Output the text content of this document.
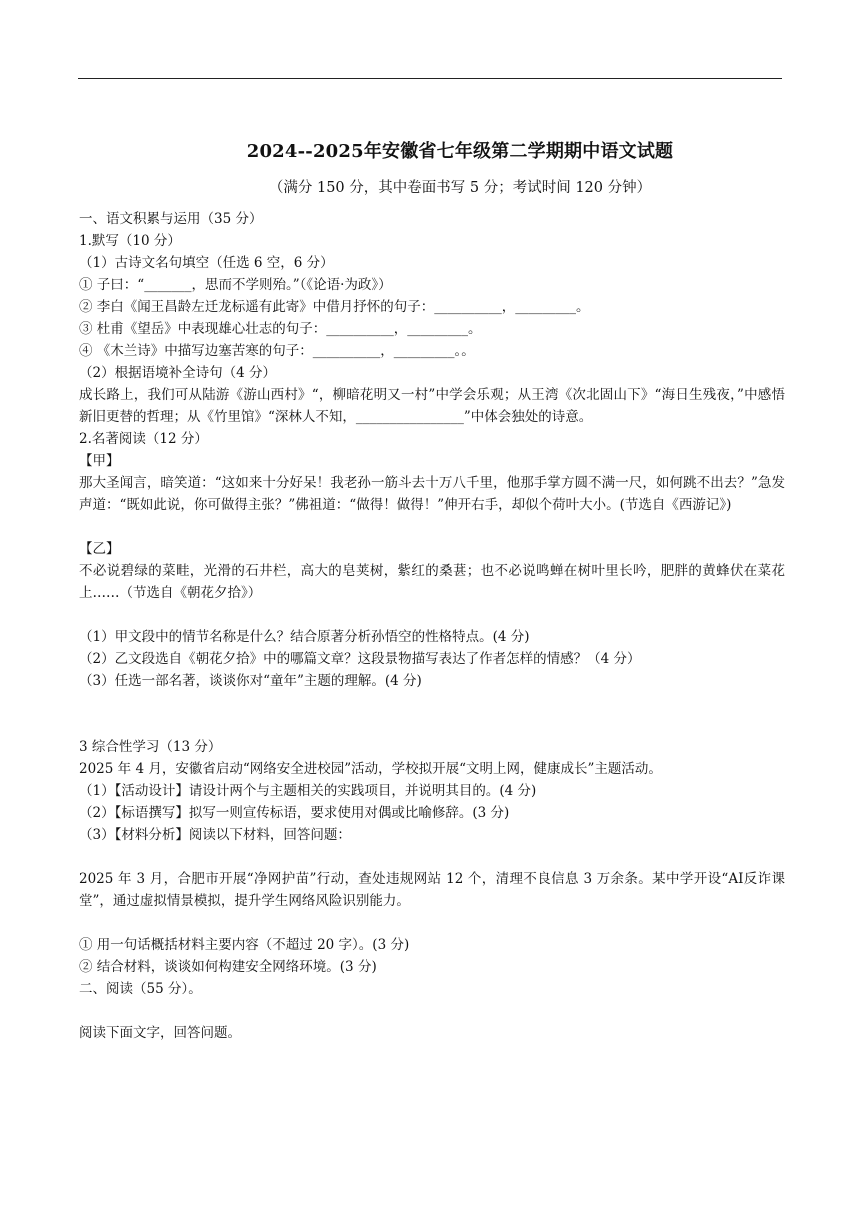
2024--2025年安徽省七年级第二学期期中语文试题
（满分 150 分，其中卷面书写 5 分；考试时间 120 分钟）
一、语文积累与运用（35 分）
1.默写（10 分）
（1）古诗文名句填空（任选 6 空，6 分）
① 子曰：“_______，思而不学则殆。”（《论语·为政》）
② 李白《闻王昌龄左迁龙标遥有此寄》中借月抒怀的句子：__________，_________。
③ 杜甫《望岳》中表现雄心壮志的句子：__________，_________。
④ 《木兰诗》中描写边塞苦寒的句子：__________，_________。。
（2）根据语境补全诗句（4 分）
成长路上，我们可从陆游《游山西村》“，柳暗花明又一村”中学会乐观；从王湾《次北固山下》“海日生残夜，”中感悟新旧更替的哲理；从《竹里馆》“深林人不知，________________”中体会独处的诗意。
2.名著阅读（12 分）
【甲】
那大圣闻言，暗笑道：“这如来十分好呆！我老孙一筋斗去十万八千里，他那手掌方圆不满一尺，如何跳不出去？”急发声道：“既如此说，你可做得主张？”佛祖道：“做得！做得！”伸开右手，却似个荷叶大小。(节选自《西游记》)
【乙】
不必说碧绿的菜畦，光滑的石井栏，高大的皂荚树，紫红的桑葚；也不必说鸣蝉在树叶里长吟，肥胖的黄蜂伏在菜花上……（节选自《朝花夕拾》）
（1）甲文段中的情节名称是什么？结合原著分析孙悟空的性格特点。(4 分)
（2）乙文段选自《朝花夕拾》中的哪篇文章？这段景物描写表达了作者怎样的情感？（4 分）
（3）任选一部名著，谈谈你对“童年”主题的理解。(4 分)
3 综合性学习（13 分）
2025 年 4 月，安徽省启动“网络安全进校园”活动，学校拟开展“文明上网，健康成长”主题活动。
（1）【活动设计】请设计两个与主题相关的实践项目，并说明其目的。(4 分)
（2）【标语撰写】拟写一则宣传标语，要求使用对偶或比喻修辞。(3 分)
（3）【材料分析】阅读以下材料，回答问题：
2025 年 3 月，合肥市开展“净网护苗”行动，查处违规网站 12 个，清理不良信息 3 万余条。某中学开设“AI反诈课堂”，通过虚拟情景模拟，提升学生网络风险识别能力。
① 用一句话概括材料主要内容（不超过 20 字）。(3 分)
② 结合材料，谈谈如何构建安全网络环境。(3 分)
二、阅读（55 分）。
阅读下面文字，回答问题。
